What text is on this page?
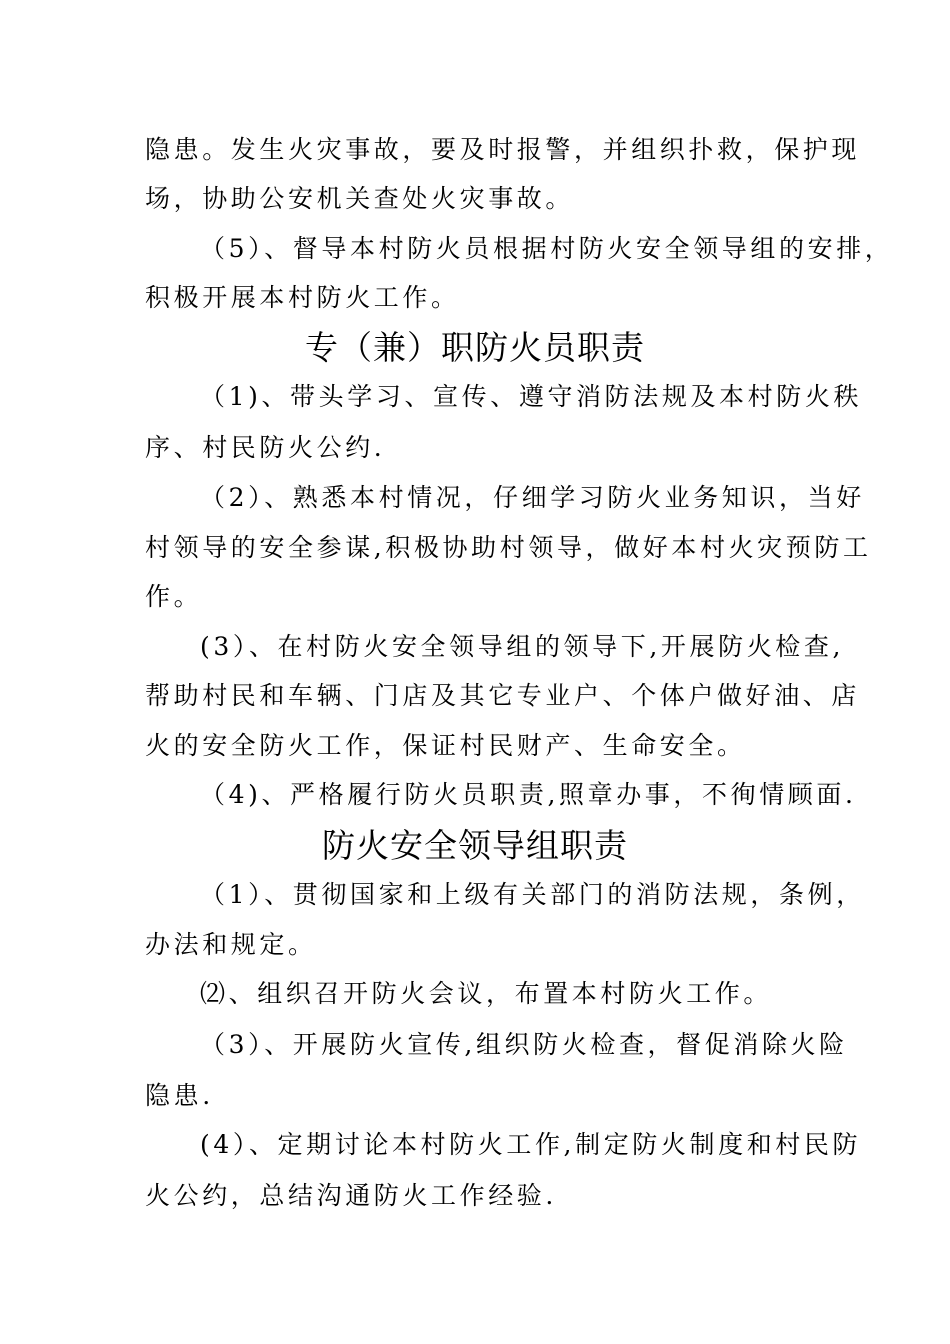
隐患。发生火灾事故，要及时报警，并组织扑救，保护现
场，协助公安机关查处火灾事故。
（5）、督导本村防火员根据村防火安全领导组的安排，
积极开展本村防火工作。
专（兼）职防火员职责
（1)、带头学习、宣传、遵守消防法规及本村防火秩
序、村民防火公约.
（2）、熟悉本村情况，仔细学习防火业务知识，当好
村领导的安全参谋,积极协助村领导，做好本村火灾预防工
作。
(3）、在村防火安全领导组的领导下,开展防火检查,
帮助村民和车辆、门店及其它专业户、个体户做好油、店
火的安全防火工作，保证村民财产、生命安全。
（4)、严格履行防火员职责,照章办事，不徇情顾面.
防火安全领导组职责
（1）、贯彻国家和上级有关部门的消防法规，条例，
办法和规定。
⑵、组织召开防火会议，布置本村防火工作。
（3）、开展防火宣传,组织防火检查，督促消除火险
隐患.
(4）、定期讨论本村防火工作,制定防火制度和村民防
火公约，总结沟通防火工作经验.
